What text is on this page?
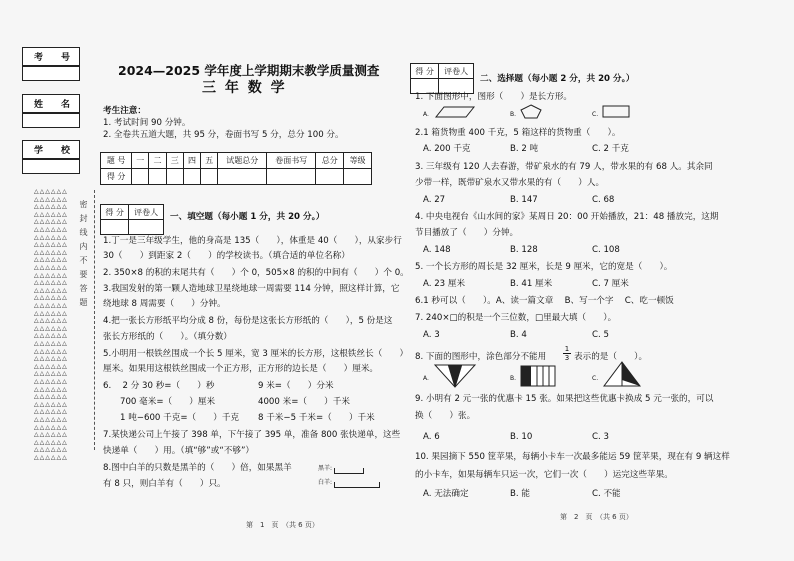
考　　号
姓　　名
学　　校
△△△△△△
△△△△△△
△△△△△△
△△△△△△
△△△△△△
△△△△△△
△△△△△△
△△△△△△
△△△△△△
△△△△△△
△△△△△△
△△△△△△
△△△△△△
△△△△△△
△△△△△△
△△△△△△
△△△△△△
△△△△△△
△△△△△△
△△△△△△
△△△△△△
△△△△△△
△△△△△△
△△△△△△
△△△△△△
△△△△△△
△△△△△△
△△△△△△
△△△△△△
△△△△△△
△△△△△△
△△△△△△
△△△△△△
△△△△△△
△△△△△△
△△△△△△
密封线内不要答题
2024—2025 学年度上学期期末教学质量测查
三 年 数 学
考生注意：
1. 考试时间 90 分钟。
2. 全卷共五道大题，共 95 分，卷面书写 5 分，总分 100 分。
题 号	一	二	三	四	五	试题总分	卷面书写	总分	等级
得 分									
得 分	评卷人
	一、填空题（每小题 1 分，共 20 分。）
1.丁一是三年级学生，他的身高是 135（　　），体重是 40（　　），从家步行
30（　　）到距家 2（　　）的学校读书。（填合适的单位名称）
2. 350×8 的积的末尾共有（　　）个 0，505×8 的积的中间有（　　）个 0。
3.我国发射的第一颗人造地球卫星绕地球一周需要 114 分钟，照这样计算，它
绕地球 8 周需要（　　）分钟。
4.把一张长方形纸平均分成 8 份，每份是这张长方形纸的（　　），5 份是这
张长方形纸的（　　）。（填分数）
5.小明用一根铁丝围成一个长 5 厘米，宽 3 厘米的长方形，这根铁丝长（　　）
厘米。如果用这根铁丝围成一个正方形，正方形的边长是（　　）厘米。
6.　 2 分 30 秒=（　　）秒	9 米=（　　）分米
700 毫米=（　　）厘米	4000 米=（　　）千米
1 吨−600 千克=（　　）千克 8 千米−5 千米=（　　）千米
7.某快递公司上午接了 398 单，下午接了 395 单，准备 800 张快递单，这些
快递单（　　）用。（填“够”或“不够”）
8.图中白羊的只数是黑羊的（　　）倍，如果黑羊
有 8 只，则白羊有（　　）只。
黑羊:
白羊:
第　1　页　（共 6 页）
得 分	评卷人

二、选择题（每小题 2 分，共 20 分。）
1. 下面图形中，图形（　　）是长方形。
A.	B.	C.
2.1 箱货物重 400 千克，5 箱这样的货物重（　　）。
A. 200 千克	B. 2 吨	C. 2 千克
3. 三年级有 120 人去春游，带矿泉水的有 79 人，带水果的有 68 人。其余同
少带一样，既带矿泉水又带水果的有（　　）人。
A. 27	B. 147	C. 68
4. 中央电视台《山水间的家》某周日 20：00 开始播放，21：48 播放完，这期
节目播放了（　　）分钟。
A. 148	B. 128	C. 108
5. 一个长方形的周长是 32 厘米，长是 9 厘米，它的宽是（　　）。
A. 23 厘米	B. 41 厘米	C. 7 厘米
6.1 秒可以（　　）。A、读一篇文章　 B、写一个字　 C、吃一顿饭
7. 240×□的积是一个三位数，□里最大填（　　）。
A. 3	B. 4	C. 5
8. 下面的图形中，涂色部分不能用 $\frac{1}{3}$ 表示的是（　　）。
A.	B.	C.
9. 小明有 2 元一张的优惠卡 15 张。如果把这些优惠卡换成 5 元一张的，可以
换（　　）张。
A. 6	B. 10	C. 3
10. 果园摘下 550 筐苹果，每辆小卡车一次最多能运 59 筐苹果，现在有 9 辆这样
的小卡车，如果每辆车只运一次，它们一次（　　）运完这些苹果。
A. 无法确定	B. 能	C. 不能
第　2　页　（共 6 页）
